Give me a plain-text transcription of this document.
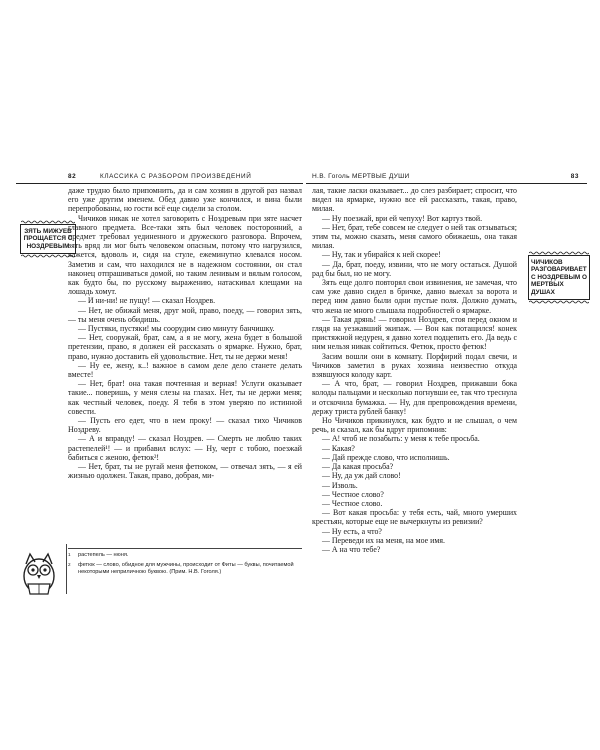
82	КЛАССИКА С РАЗБОРОМ ПРОИЗВЕДЕНИЙ
ЗЯТЬ МИЖУЕВ ПРОЩАЕТСЯ С НОЗДРЕВЫМ

даже трудно было припомнить, да и сам хозяин в другой раз назвал его уже другим именем. Обед давно уже кончился, и вина были перепробованы, но гости всё еще сидели за столом.

Чичиков никак не хотел заговорить с Ноздревым при зяте насчет главного предмета. Все-таки зять был человек посторонний, а предмет требовал уединенного и дружеского разговора. Впрочем, зять вряд ли мог быть человеком опасным, потому что нагрузился, кажется, вдоволь и, сидя на стуле, ежеминутно клевался носом. Заметив и сам, что находился не в надежном состоянии, он стал наконец отпрашиваться домой, но таким ленивым и вялым голосом, как будто бы, по русскому выражению, натаскивал клещами на лошадь хомут.

— И ни-ни! не пущу! — сказал Ноздрев.

— Нет, не обижай меня, друг мой, право, поеду, — говорил зять, — ты меня очень обидишь.

— Пустяки, пустяки! мы соорудим сию минуту банчишку.

— Нет, сооружай, брат, сам, а я не могу, жена будет в большой претензии, право, я должен ей рассказать о ярмарке. Нужно, брат, право, нужно доставить ей удовольствие. Нет, ты не держи меня!

— Ну ее, жену, к..! важное в самом деле дело станете делать вместе!

— Нет, брат! она такая почтенная и верная! Услуги оказывает такие... поверишь, у меня слезы на глазах. Нет, ты не держи меня; как честный человек, поеду. Я тебя в этом уверяю по истинной совести.

— Пусть его едет, что в нем проку! — сказал тихо Чичиков Ноздреву.

— А и вправду! — сказал Ноздрев. — Смерть не люблю таких растепелей¹! — и прибавил вслух: — Ну, черт с тобою, поезжай бабиться с женою, фетюк²!

— Нет, брат, ты не ругай меня фетюком, — отвечал зять, — я ей жизнью одолжен. Такая, право, добрая, ми-

1 растепель — нюня.

2 фетюк — слово, обидное для мужчины, происходит от Фиты — буквы, почитаемой некоторыми неприличною буквою. (Прим. Н.В. Гоголя.)

Н.В. Гоголь МЕРТВЫЕ ДУШИ	83

лая, такие ласки оказывает... до слез разбирает; спросит, что видел на ярмарке, нужно все ей рассказать, такая, право, милая.

— Ну поезжай, ври ей чепуху! Вот картуз твой.

— Нет, брат, тебе совсем не следует о ней так отзываться; этим ты, можно сказать, меня самого обижаешь, она такая милая.

— Ну, так и убирайся к ней скорее!

— Да, брат, поеду, извини, что не могу остаться. Душой рад бы был, но не могу.

Зять еще долго повторял свои извинения, не замечая, что сам уже давно сидел в бричке, давно выехал за ворота и перед ним давно были одни пустые поля. Должно думать, что жена не много слышала подробностей о ярмарке.

— Такая дрянь! — говорил Ноздрев, стоя перед окном и глядя на уезжавший экипаж. — Вон как потащился! конек пристяжной недурен, я давно хотел подцепить его. Да ведь с ним нельзя никак сойтиться. Фетюк, просто фетюк!

Засим вошли они в комнату. Порфирий подал свечи, и Чичиков заметил в руках хозяина неизвестно откуда взявшуюся колоду карт.

— А что, брат, — говорил Ноздрев, прижавши бока колоды пальцами и несколько погнувши ее, так что треснула и отскочила бумажка. — Ну, для препровождения времени, держу триста рублей банку!

Но Чичиков прикинулся, как будто и не слышал, о чем речь, и сказал, как бы вдруг припомнив:

— А! чтоб не позабыть: у меня к тебе просьба.

— Какая?

— Дай прежде слово, что исполнишь.

— Да какая просьба?

— Ну, да уж дай слово!

— Изволь.

— Честное слово?

— Честное слово.

— Вот какая просьба: у тебя есть, чай, много умерших крестьян, которые еще не вычеркнуты из ревизии?

— Ну есть, а что?

— Переведи их на меня, на мое имя.

— А на что тебе?

ЧИЧИКОВ РАЗГОВАРИВАЕТ С НОЗДРЕВЫМ О МЕРТВЫХ ДУШАХ
